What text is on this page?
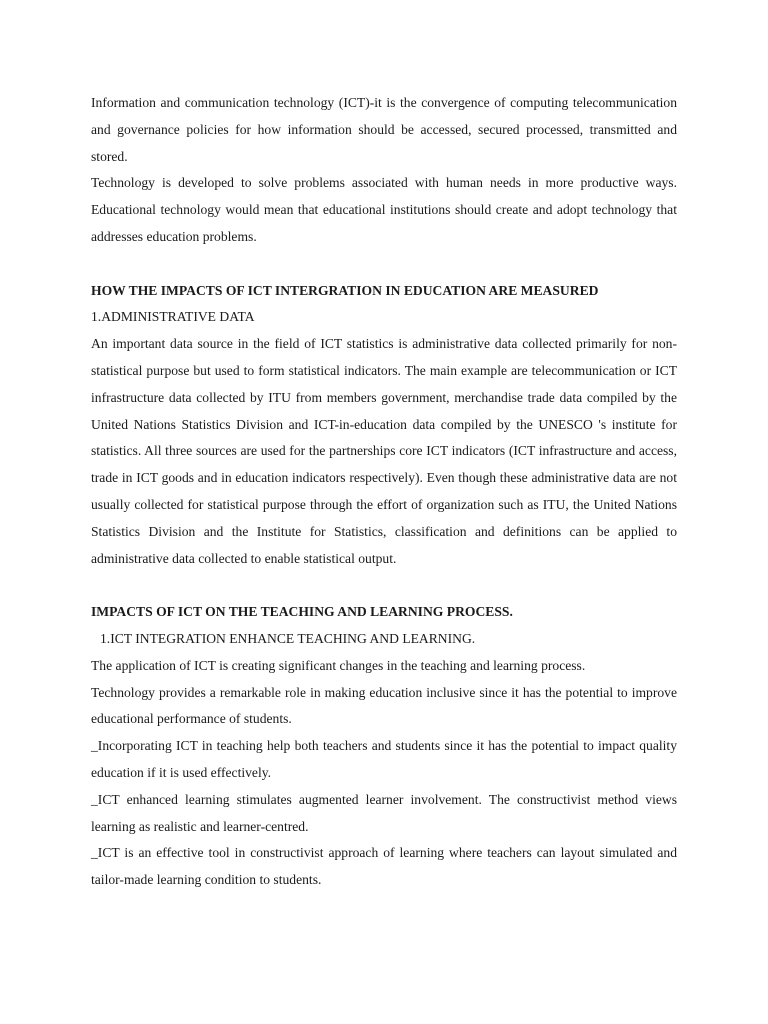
Information and communication technology (ICT)-it is the convergence of computing telecommunication and governance policies for how information should be accessed, secured processed, transmitted and stored.

Technology is developed to solve problems associated with human needs in more productive ways. Educational technology would mean that educational institutions should create and adopt technology that addresses education problems.

HOW THE IMPACTS OF ICT INTERGRATION IN EDUCATION ARE MEASURED

1.ADMINISTRATIVE DATA

An important data source in the field of ICT statistics is administrative data collected primarily for non-statistical purpose but used to form statistical indicators. The main example are telecommunication or ICT infrastructure data collected by ITU from members government, merchandise trade data compiled by the United Nations Statistics Division and ICT-in-education data compiled by the UNESCO 's institute for statistics. All three sources are used for the partnerships core ICT indicators (ICT infrastructure and access, trade in ICT goods and in education indicators respectively). Even though these administrative data are not usually collected for statistical purpose through the effort of organization such as ITU, the United Nations Statistics Division and the Institute for Statistics, classification and definitions can be applied to administrative data collected to enable statistical output.

IMPACTS OF ICT ON THE TEACHING AND LEARNING PROCESS.

1.ICT INTEGRATION ENHANCE TEACHING AND LEARNING.

The application of ICT is creating significant changes in the teaching and learning process.

Technology provides a remarkable role in making education inclusive since it has the potential to improve educational performance of students.

_Incorporating ICT in teaching help both teachers and students since it has the potential to impact quality education if it is used effectively.

_ICT enhanced learning stimulates augmented learner involvement. The constructivist method views learning as realistic and learner-centred.

_ICT is an effective tool in constructivist approach of learning where teachers can layout simulated and tailor-made learning condition to students.
